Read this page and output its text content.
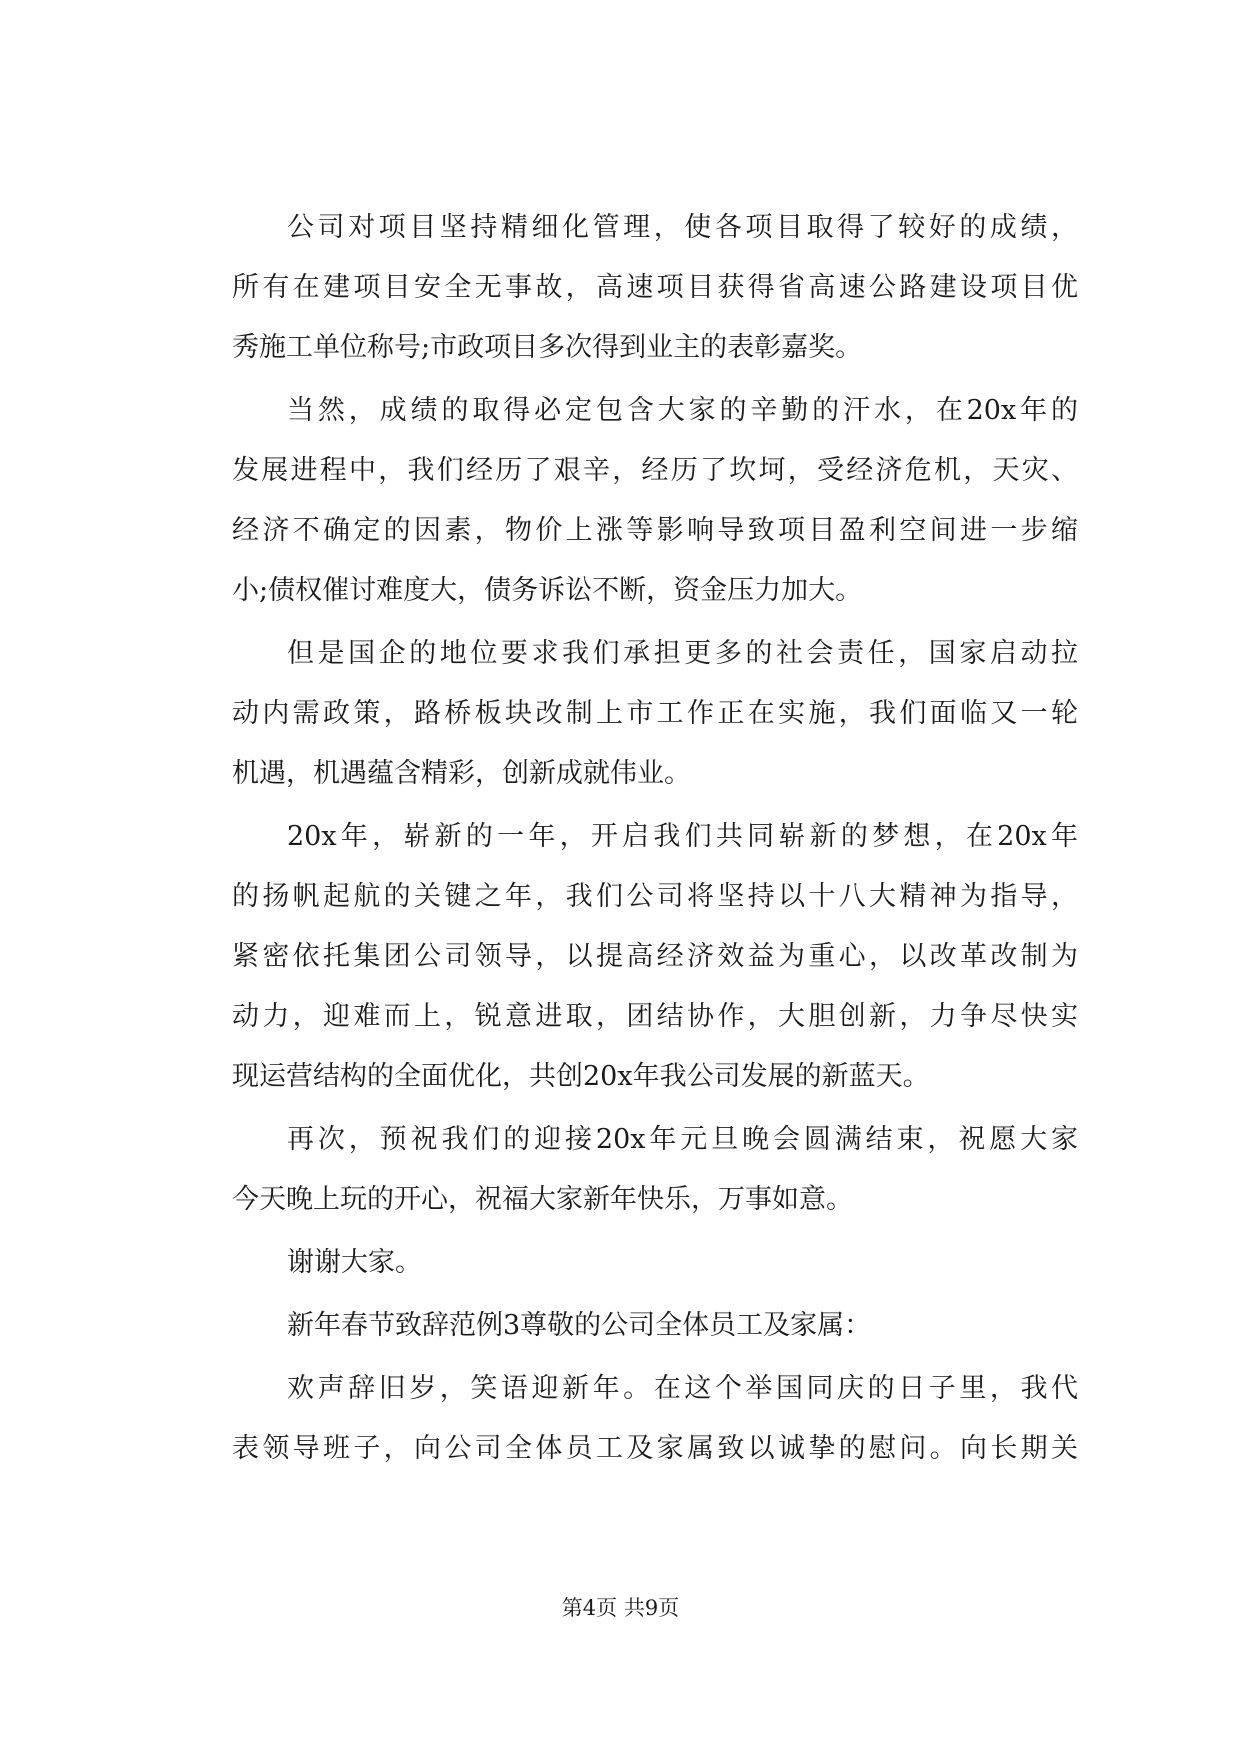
公司对项目坚持精细化管理，使各项目取得了较好的成绩，
所有在建项目安全无事故，高速项目获得省高速公路建设项目优
秀施工单位称号;市政项目多次得到业主的表彰嘉奖。
当然，成绩的取得必定包含大家的辛勤的汗水，在20x年的
发展进程中，我们经历了艰辛，经历了坎坷，受经济危机，天灾、
经济不确定的因素，物价上涨等影响导致项目盈利空间进一步缩
小;债权催讨难度大，债务诉讼不断，资金压力加大。
但是国企的地位要求我们承担更多的社会责任，国家启动拉
动内需政策，路桥板块改制上市工作正在实施，我们面临又一轮
机遇，机遇蕴含精彩，创新成就伟业。
20x年，崭新的一年，开启我们共同崭新的梦想，在20x年
的扬帆起航的关键之年，我们公司将坚持以十八大精神为指导，
紧密依托集团公司领导，以提高经济效益为重心，以改革改制为
动力，迎难而上，锐意进取，团结协作，大胆创新，力争尽快实
现运营结构的全面优化，共创20x年我公司发展的新蓝天。
再次，预祝我们的迎接20x年元旦晚会圆满结束，祝愿大家
今天晚上玩的开心，祝福大家新年快乐，万事如意。
谢谢大家。
新年春节致辞范例3尊敬的公司全体员工及家属：
欢声辞旧岁，笑语迎新年。在这个举国同庆的日子里，我代
表领导班子，向公司全体员工及家属致以诚挚的慰问。向长期关
第4页 共9页
